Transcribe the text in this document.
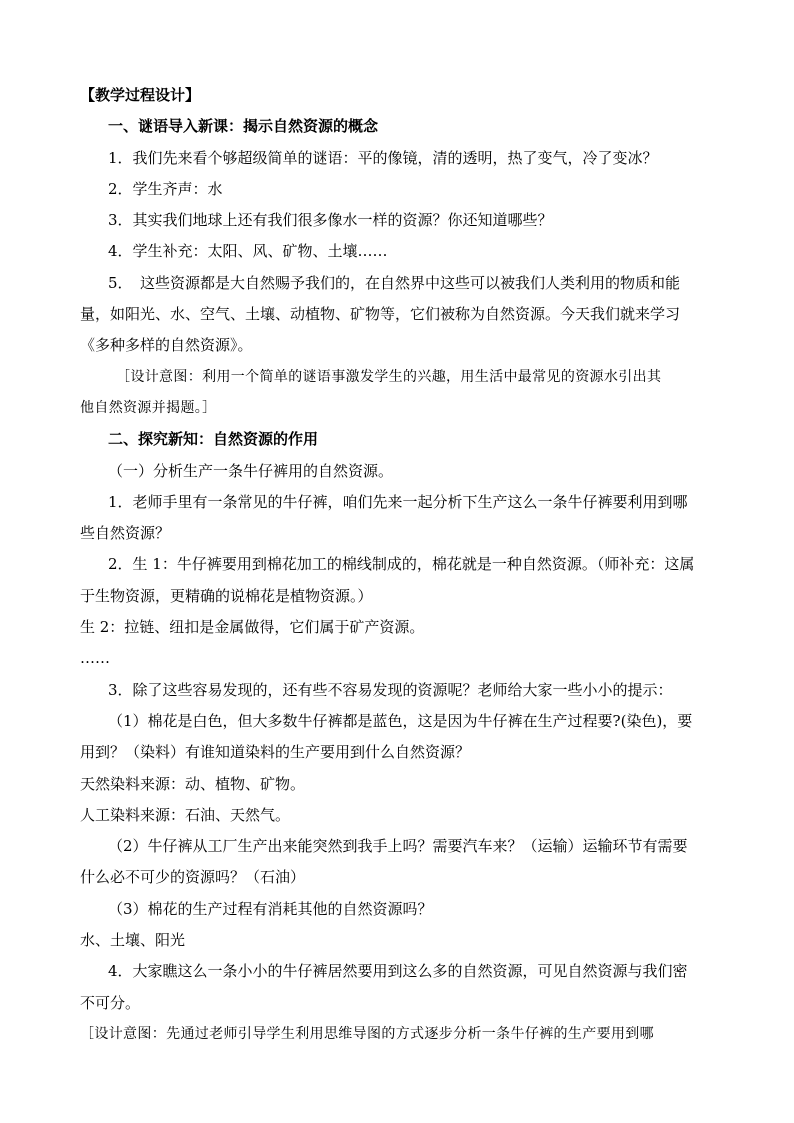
【教学过程设计】
一、谜语导入新课：揭示自然资源的概念
1．我们先来看个够超级简单的谜语：平的像镜，清的透明，热了变气，冷了变冰？
2．学生齐声：水
3．其实我们地球上还有我们很多像水一样的资源？你还知道哪些？
4．学生补充：太阳、风、矿物、土壤……
5．　这些资源都是大自然赐予我们的，在自然界中这些可以被我们人类利用的物质和能
量，如阳光、水、空气、土壤、动植物、矿物等，它们被称为自然资源。今天我们就来学习
《多种多样的自然资源》。
［设计意图：利用一个简单的谜语事激发学生的兴趣，用生活中最常见的资源水引出其
他自然资源并揭题。］
二、探究新知：自然资源的作用
（一）分析生产一条牛仔裤用的自然资源。
1．老师手里有一条常见的牛仔裤，咱们先来一起分析下生产这么一条牛仔裤要利用到哪
些自然资源？
2．生 1：牛仔裤要用到棉花加工的棉线制成的，棉花就是一种自然资源。（师补充：这属
于生物资源，更精确的说棉花是植物资源。）
生 2：拉链、纽扣是金属做得，它们属于矿产资源。
……
3．除了这些容易发现的，还有些不容易发现的资源呢？老师给大家一些小小的提示：
（1）棉花是白色，但大多数牛仔裤都是蓝色，这是因为牛仔裤在生产过程要?(染色)，要
用到？（染料）有谁知道染料的生产要用到什么自然资源？
天然染料来源：动、植物、矿物。
人工染料来源：石油、天然气。
（2）牛仔裤从工厂生产出来能突然到我手上吗？需要汽车来？（运输）运输环节有需要
什么必不可少的资源吗？（石油）
（3）棉花的生产过程有消耗其他的自然资源吗？
水、土壤、阳光
4．大家瞧这么一条小小的牛仔裤居然要用到这么多的自然资源，可见自然资源与我们密
不可分。
［设计意图：先通过老师引导学生利用思维导图的方式逐步分析一条牛仔裤的生产要用到哪
